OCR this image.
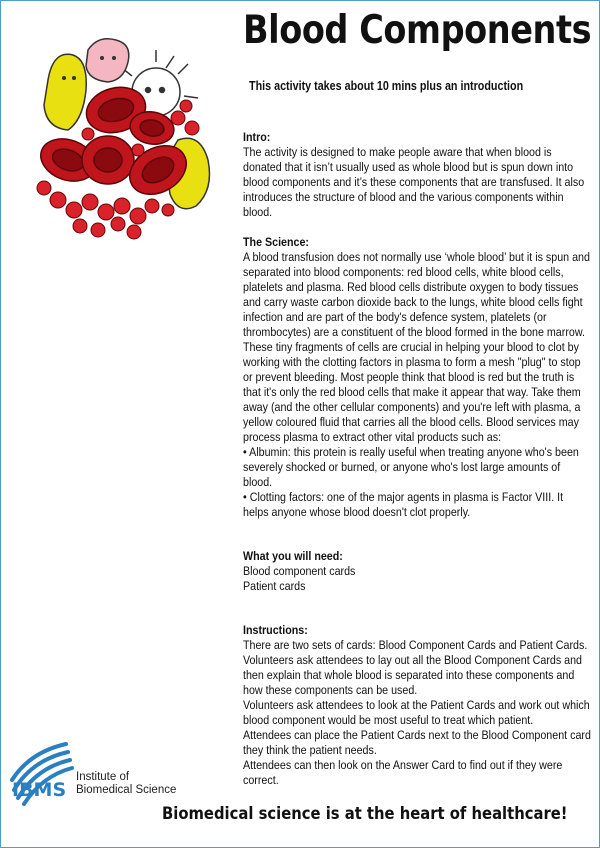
Blood Components
This activity takes about 10 mins plus an introduction
Intro:

The activity is designed to make people aware that when blood is donated that it isn’t usually used as whole blood but is spun down into blood components and it’s these components that are transfused. It also introduces the structure of blood and the various components within blood.

The Science:

A blood transfusion does not normally use ‘whole blood’ but it is spun and separated into blood components: red blood cells, white blood cells, platelets and plasma. Red blood cells distribute oxygen to body tissues and carry waste carbon dioxide back to the lungs, white blood cells fight infection and are part of the body's defence system, platelets (or thrombocytes) are a constituent of the blood formed in the bone marrow. These tiny fragments of cells are crucial in helping your blood to clot by working with the clotting factors in plasma to form a mesh "plug" to stop or prevent bleeding. Most people think that blood is red but the truth is that it's only the red blood cells that make it appear that way. Take them away (and the other cellular components) and you're left with plasma, a yellow coloured fluid that carries all the blood cells. Blood services may process plasma to extract other vital products such as:

• Albumin: this protein is really useful when treating anyone who's been severely shocked or burned, or anyone who's lost large amounts of blood.

• Clotting factors: one of the major agents in plasma is Factor VIII. It helps anyone whose blood doesn't clot properly.

What you will need:

Blood component cards

Patient cards

Instructions:

There are two sets of cards: Blood Component Cards and Patient Cards. Volunteers ask attendees to lay out all the Blood Component Cards and then explain that whole blood is separated into these components and how these components can be used.

Volunteers ask attendees to look at the Patient Cards and work out which blood component would be most useful to treat which patient.

Attendees can place the Patient Cards next to the Blood Component card they think the patient needs.

Attendees can then look on the Answer Card to find out if they were correct.

IBMS
Institute of
Biomedical Science
Biomedical science is at the heart of healthcare!
